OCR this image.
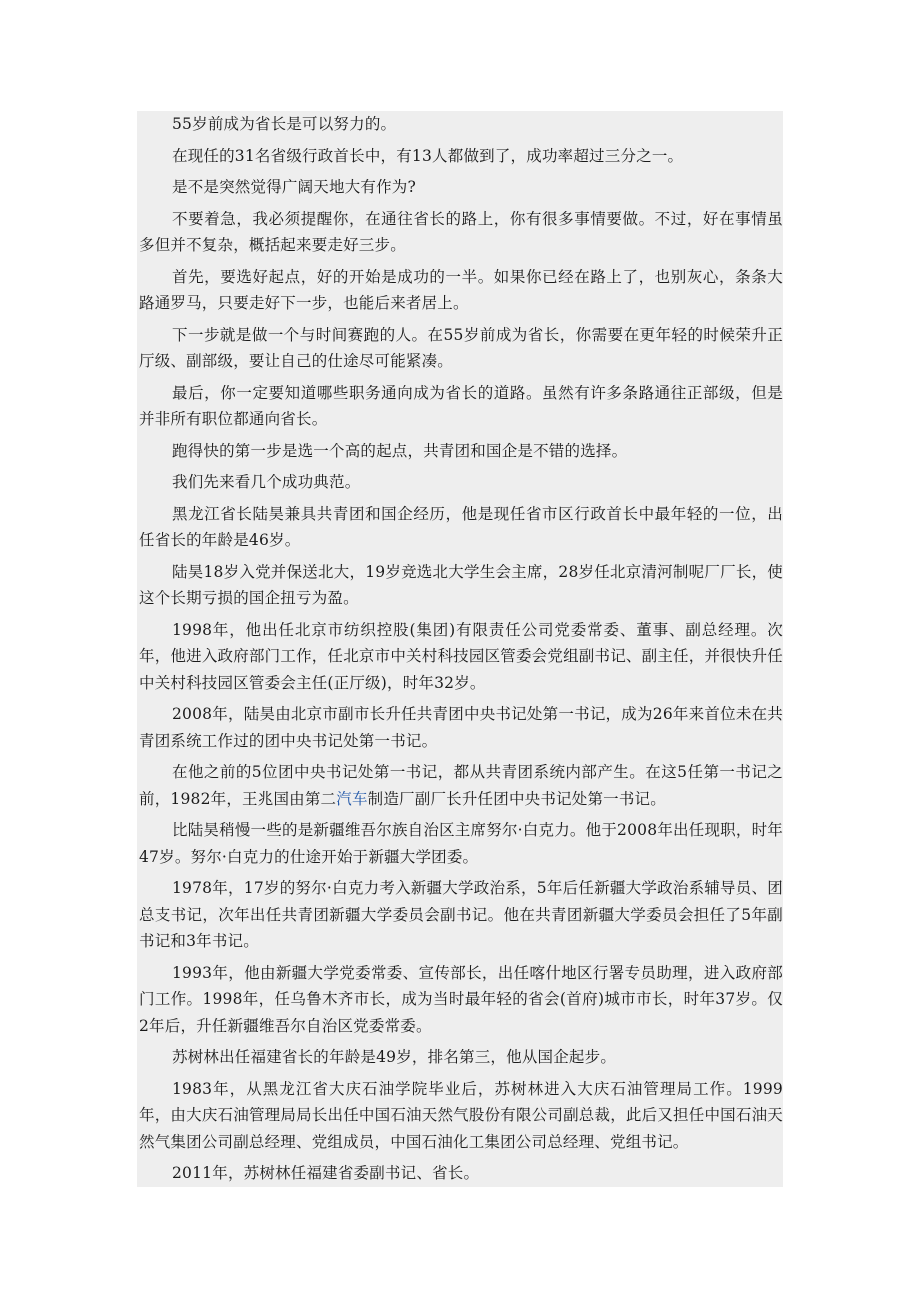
55岁前成为省长是可以努力的。

在现任的31名省级行政首长中，有13人都做到了，成功率超过三分之一。

是不是突然觉得广阔天地大有作为?

不要着急，我必须提醒你，在通往省长的路上，你有很多事情要做。不过，好在事情虽多但并不复杂，概括起来要走好三步。

首先，要选好起点，好的开始是成功的一半。如果你已经在路上了，也别灰心，条条大路通罗马，只要走好下一步，也能后来者居上。

下一步就是做一个与时间赛跑的人。在55岁前成为省长，你需要在更年轻的时候荣升正厅级、副部级，要让自己的仕途尽可能紧凑。

最后，你一定要知道哪些职务通向成为省长的道路。虽然有许多条路通往正部级，但是并非所有职位都通向省长。

跑得快的第一步是选一个高的起点，共青团和国企是不错的选择。

我们先来看几个成功典范。

黑龙江省长陆昊兼具共青团和国企经历，他是现任省市区行政首长中最年轻的一位，出任省长的年龄是46岁。

陆昊18岁入党并保送北大，19岁竞选北大学生会主席，28岁任北京清河制呢厂厂长，使这个长期亏损的国企扭亏为盈。

1998年，他出任北京市纺织控股(集团)有限责任公司党委常委、董事、副总经理。次年，他进入政府部门工作，任北京市中关村科技园区管委会党组副书记、副主任，并很快升任中关村科技园区管委会主任(正厅级)，时年32岁。

2008年，陆昊由北京市副市长升任共青团中央书记处第一书记，成为26年来首位未在共青团系统工作过的团中央书记处第一书记。

在他之前的5位团中央书记处第一书记，都从共青团系统内部产生。在这5任第一书记之前，1982年，王兆国由第二汽车制造厂副厂长升任团中央书记处第一书记。

比陆昊稍慢一些的是新疆维吾尔族自治区主席努尔·白克力。他于2008年出任现职，时年47岁。努尔·白克力的仕途开始于新疆大学团委。

1978年，17岁的努尔·白克力考入新疆大学政治系，5年后任新疆大学政治系辅导员、团总支书记，次年出任共青团新疆大学委员会副书记。他在共青团新疆大学委员会担任了5年副书记和3年书记。

1993年，他由新疆大学党委常委、宣传部长，出任喀什地区行署专员助理，进入政府部门工作。1998年，任乌鲁木齐市长，成为当时最年轻的省会(首府)城市市长，时年37岁。仅2年后，升任新疆维吾尔自治区党委常委。

苏树林出任福建省长的年龄是49岁，排名第三，他从国企起步。

1983年，从黑龙江省大庆石油学院毕业后，苏树林进入大庆石油管理局工作。1999年，由大庆石油管理局局长出任中国石油天然气股份有限公司副总裁，此后又担任中国石油天然气集团公司副总经理、党组成员，中国石油化工集团公司总经理、党组书记。

2011年，苏树林任福建省委副书记、省长。
